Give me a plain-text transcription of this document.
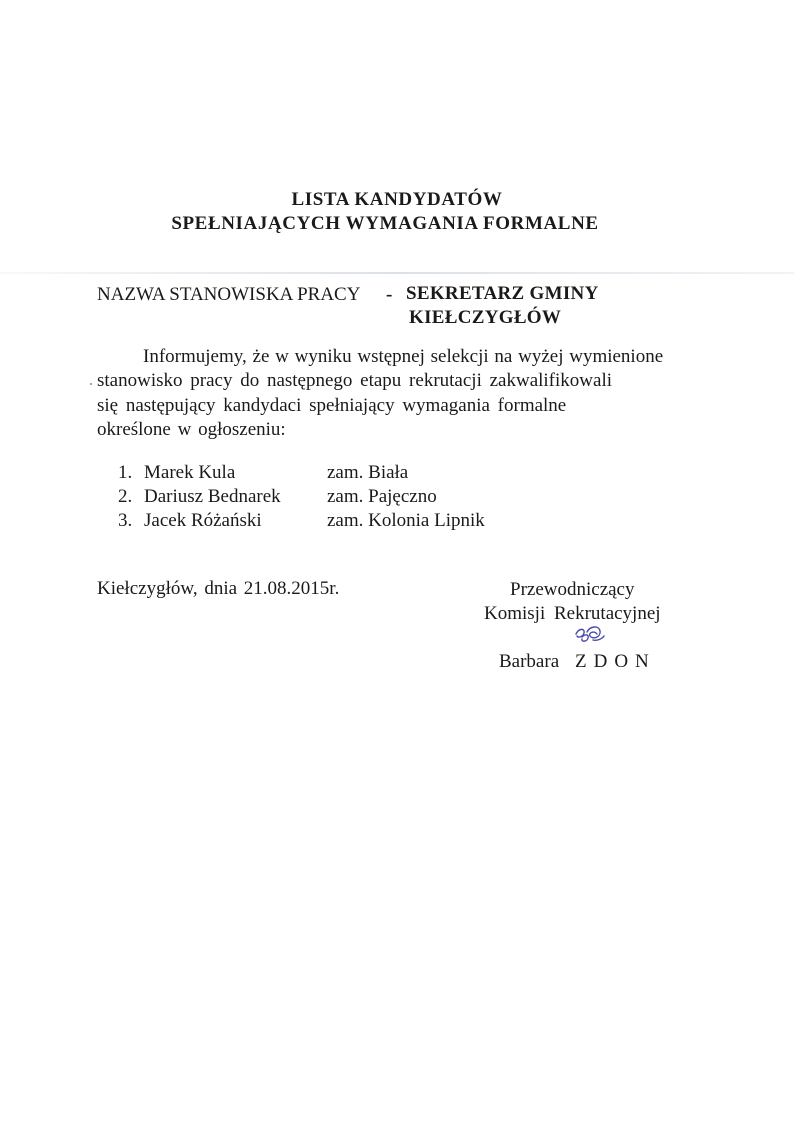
LISTA KANDYDATÓW
SPEŁNIAJĄCYCH WYMAGANIA FORMALNE
NAZWA STANOWISKA PRACY - SEKRETARZ GMINY
KIEŁCZYGŁÓW
Informujemy, że w wyniku wstępnej selekcji na wyżej wymienione
stanowisko pracy do następnego etapu rekrutacji zakwalifikowali
się następujący kandydaci spełniający wymagania formalne
określone w ogłoszeniu:
1. Marek Kula	zam. Biała
2. Dariusz Bednarek zam. Pajęczno
3. Jacek Różański	zam. Kolonia Lipnik
Kiełczygłów, dnia 21.08.2015r.	Przewodniczący
Komisji Rekrutacyjnej
Barbara ZDON
